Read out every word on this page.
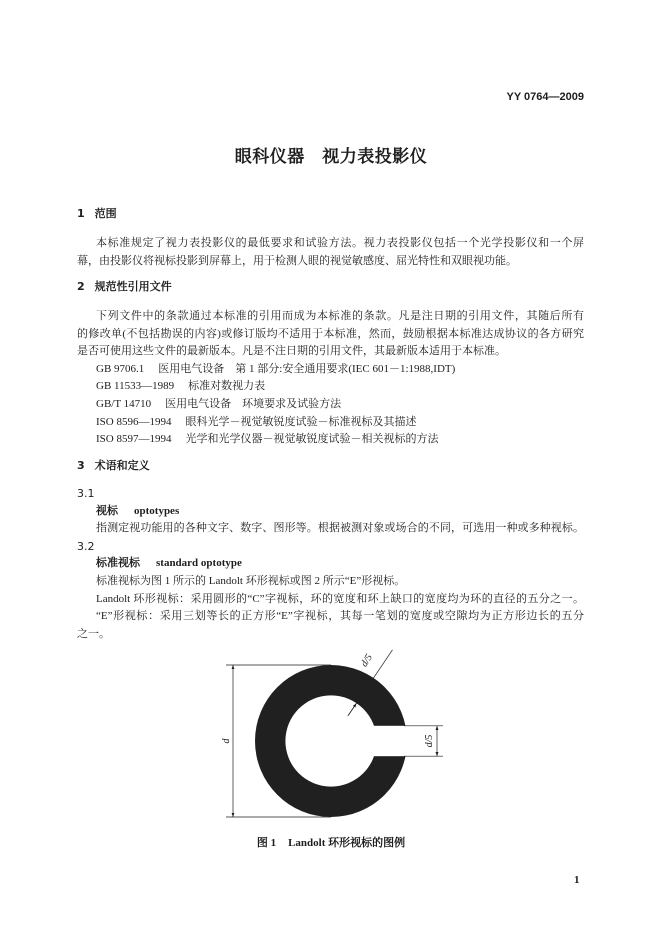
YY 0764—2009
眼科仪器　视力表投影仪
1 范围
本标准规定了视力表投影仪的最低要求和试验方法。视力表投影仪包括一个光学投影仪和一个屏
幕，由投影仪将视标投影到屏幕上，用于检测人眼的视觉敏感度、屈光特性和双眼视功能。
2 规范性引用文件
下列文件中的条款通过本标准的引用而成为本标准的条款。凡是注日期的引用文件，其随后所有
的修改单(不包括勘误的内容)或修订版均不适用于本标准，然而，鼓励根据本标准达成协议的各方研究
是否可使用这些文件的最新版本。凡是不注日期的引用文件，其最新版本适用于本标准。
GB 9706.1 医用电气设备　第 1 部分:安全通用要求(IEC 601－1:1988,IDT)
GB 11533—1989 标准对数视力表
GB/T 14710 医用电气设备　环境要求及试验方法
ISO 8596—1994 眼科光学－视觉敏锐度试验－标准视标及其描述
ISO 8597—1994 光学和光学仪器－视觉敏锐度试验－相关视标的方法
3 术语和定义
3.1
视标 optotypes
指测定视功能用的各种文字、数字、图形等。根据被测对象或场合的不同，可选用一种或多种视标。
3.2
标准视标 standard optotype
标准视标为图 1 所示的 Landolt 环形视标或图 2 所示“E”形视标。
Landolt 环形视标：采用圆形的“C”字视标，环的宽度和环上缺口的宽度均为环的直径的五分之一。
“E”形视标：采用三划等长的正方形“E”字视标，其每一笔划的宽度或空隙均为正方形边长的五分
之一。
d
d/5
d/5
图 1 Landolt 环形视标的图例
1
